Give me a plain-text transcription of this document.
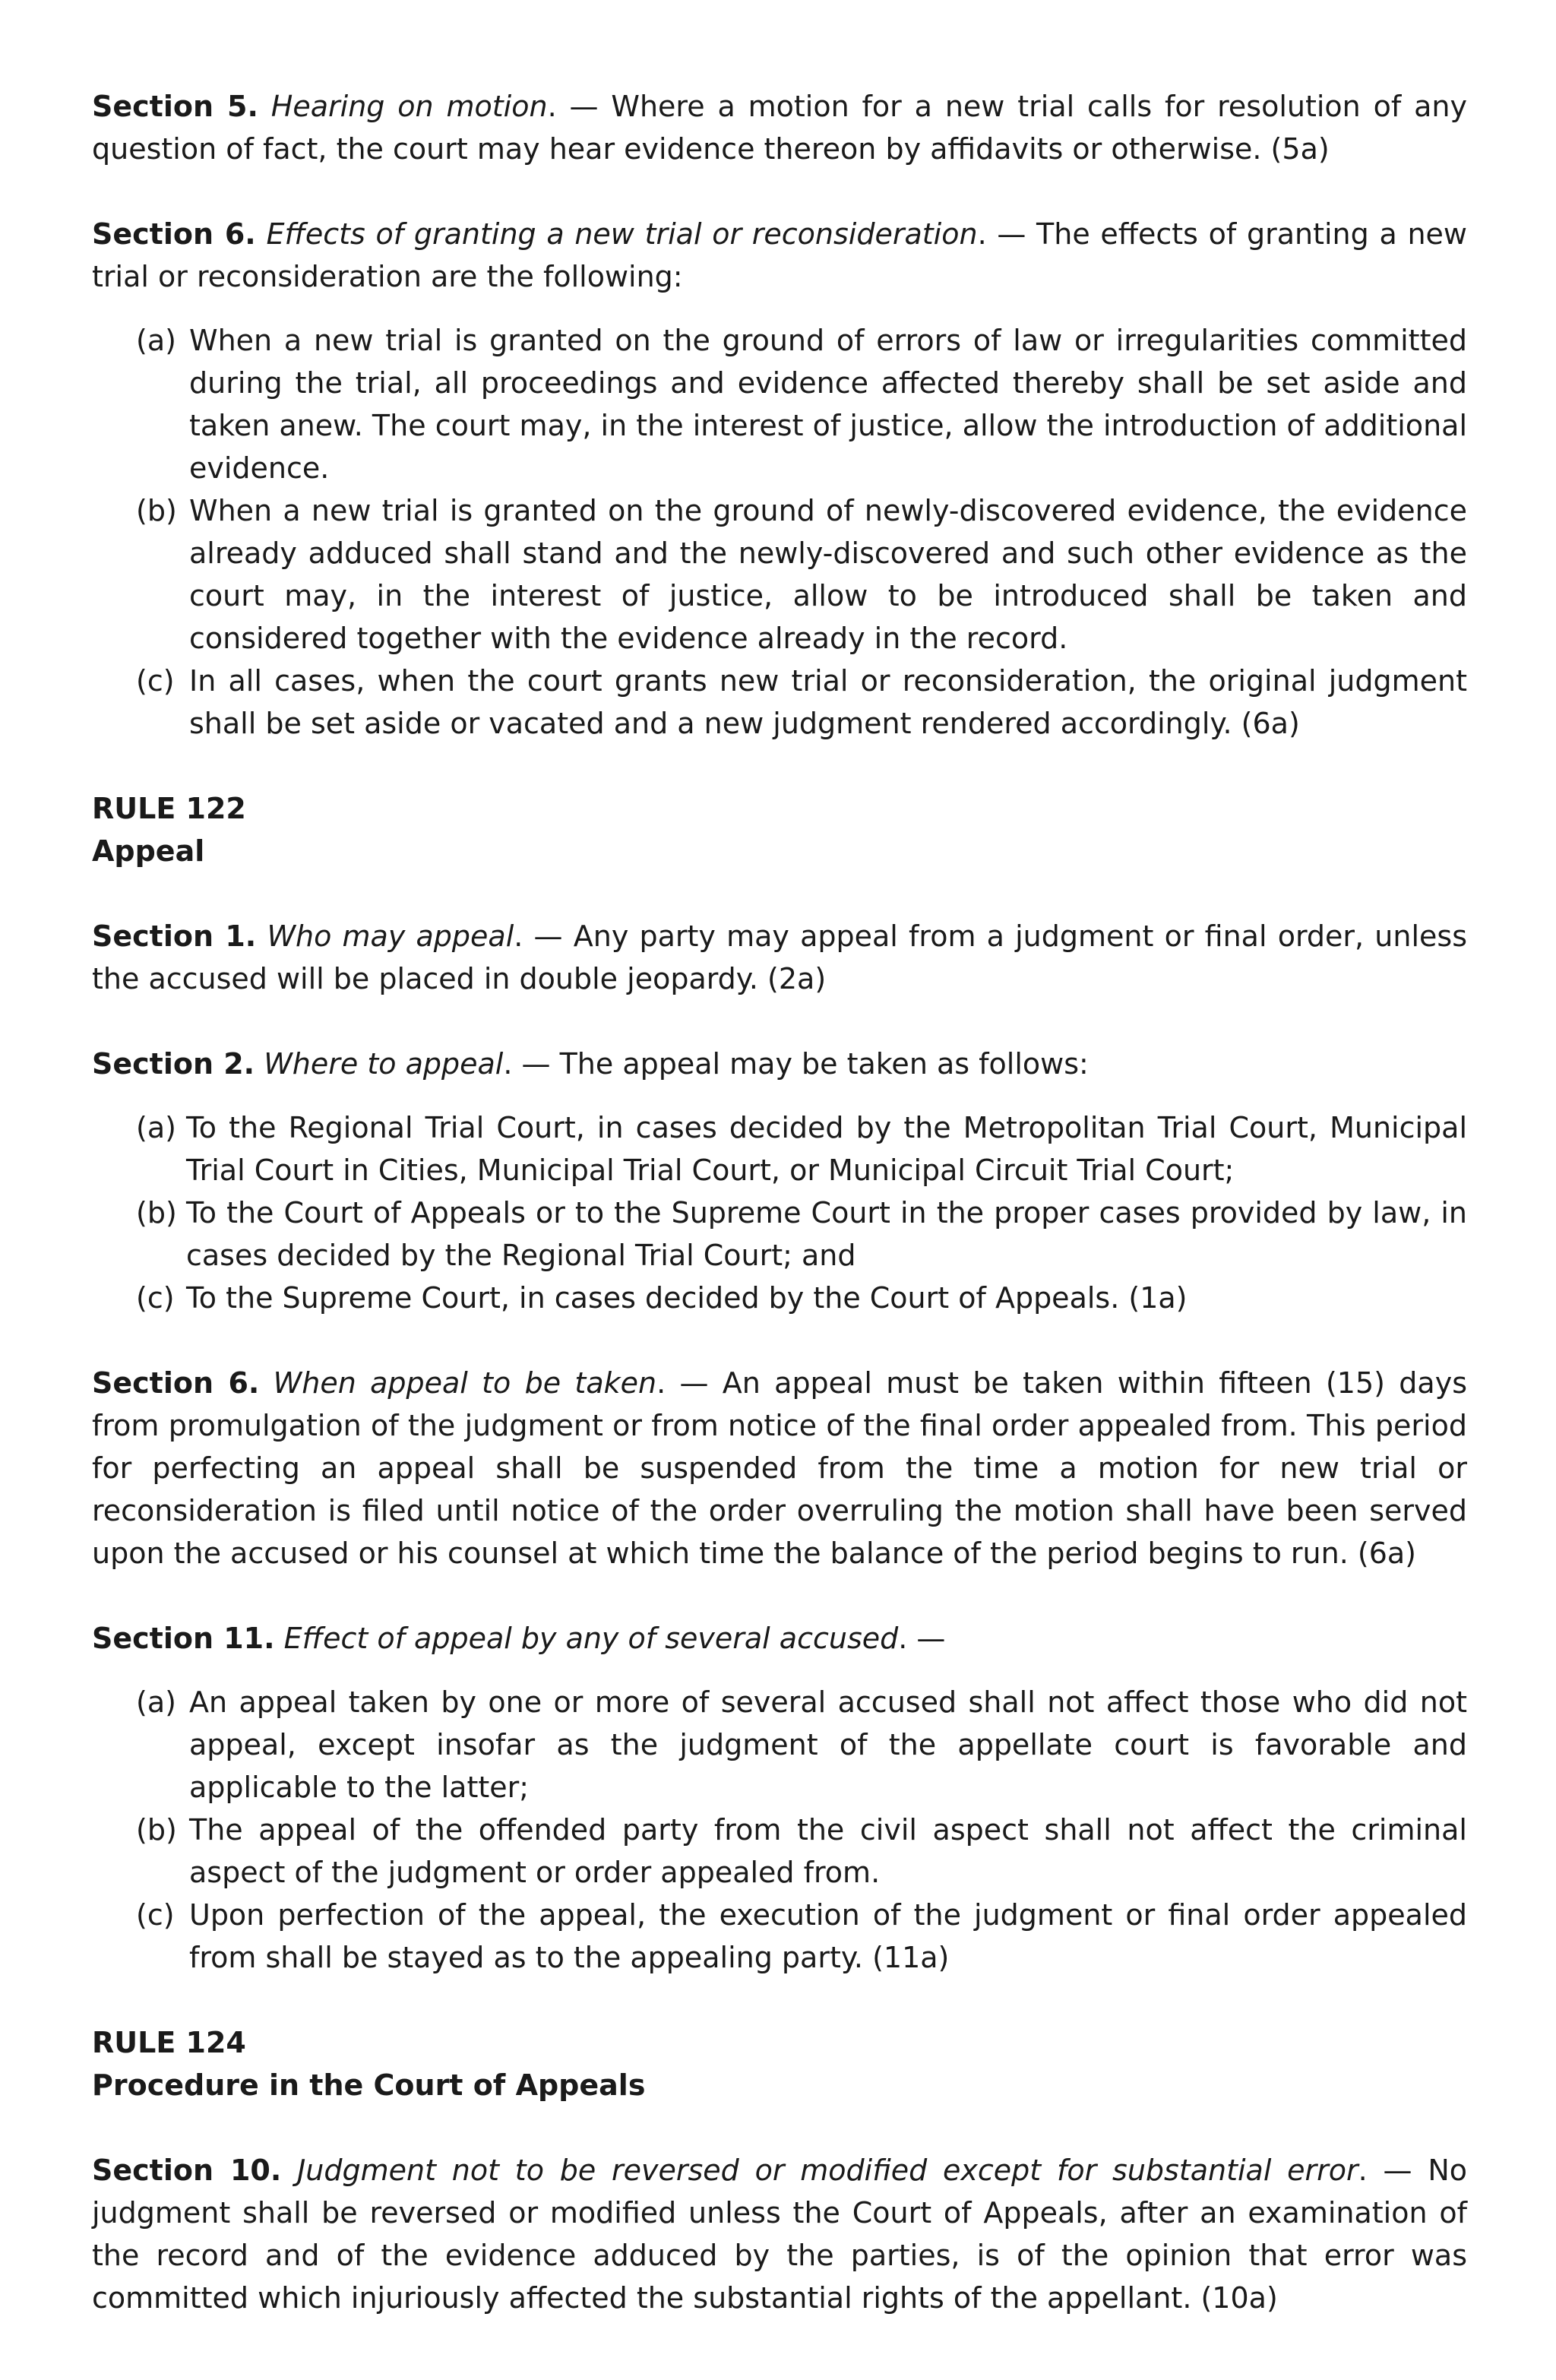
Section 5. Hearing on motion. — Where a motion for a new trial calls for resolution of any question of fact, the court may hear evidence thereon by affidavits or otherwise. (5a)

Section 6. Effects of granting a new trial or reconsideration. — The effects of granting a new trial or reconsideration are the following:

(a) When a new trial is granted on the ground of errors of law or irregularities committed during the trial, all proceedings and evidence affected thereby shall be set aside and taken anew. The court may, in the interest of justice, allow the introduction of additional evidence.
(b) When a new trial is granted on the ground of newly-discovered evidence, the evidence already adduced shall stand and the newly-discovered and such other evidence as the court may, in the interest of justice, allow to be introduced shall be taken and considered together with the evidence already in the record.
(c) In all cases, when the court grants new trial or reconsideration, the original judgment shall be set aside or vacated and a new judgment rendered accordingly. (6a)
RULE 122
Appeal

Section 1. Who may appeal. — Any party may appeal from a judgment or final order, unless the accused will be placed in double jeopardy. (2a)

Section 2. Where to appeal. — The appeal may be taken as follows:

(a) To the Regional Trial Court, in cases decided by the Metropolitan Trial Court, Municipal Trial Court in Cities, Municipal Trial Court, or Municipal Circuit Trial Court;
(b) To the Court of Appeals or to the Supreme Court in the proper cases provided by law, in cases decided by the Regional Trial Court; and
(c) To the Supreme Court, in cases decided by the Court of Appeals. (1a)

Section 6. When appeal to be taken. — An appeal must be taken within fifteen (15) days from promulgation of the judgment or from notice of the final order appealed from. This period for perfecting an appeal shall be suspended from the time a motion for new trial or reconsideration is filed until notice of the order overruling the motion shall have been served upon the accused or his counsel at which time the balance of the period begins to run. (6a)

Section 11. Effect of appeal by any of several accused. —

(a) An appeal taken by one or more of several accused shall not affect those who did not appeal, except insofar as the judgment of the appellate court is favorable and applicable to the latter;
(b) The appeal of the offended party from the civil aspect shall not affect the criminal aspect of the judgment or order appealed from.
(c) Upon perfection of the appeal, the execution of the judgment or final order appealed from shall be stayed as to the appealing party. (11a)
RULE 124
Procedure in the Court of Appeals

Section 10. Judgment not to be reversed or modified except for substantial error. — No judgment shall be reversed or modified unless the Court of Appeals, after an examination of the record and of the evidence adduced by the parties, is of the opinion that error was committed which injuriously affected the substantial rights of the appellant. (10a)
